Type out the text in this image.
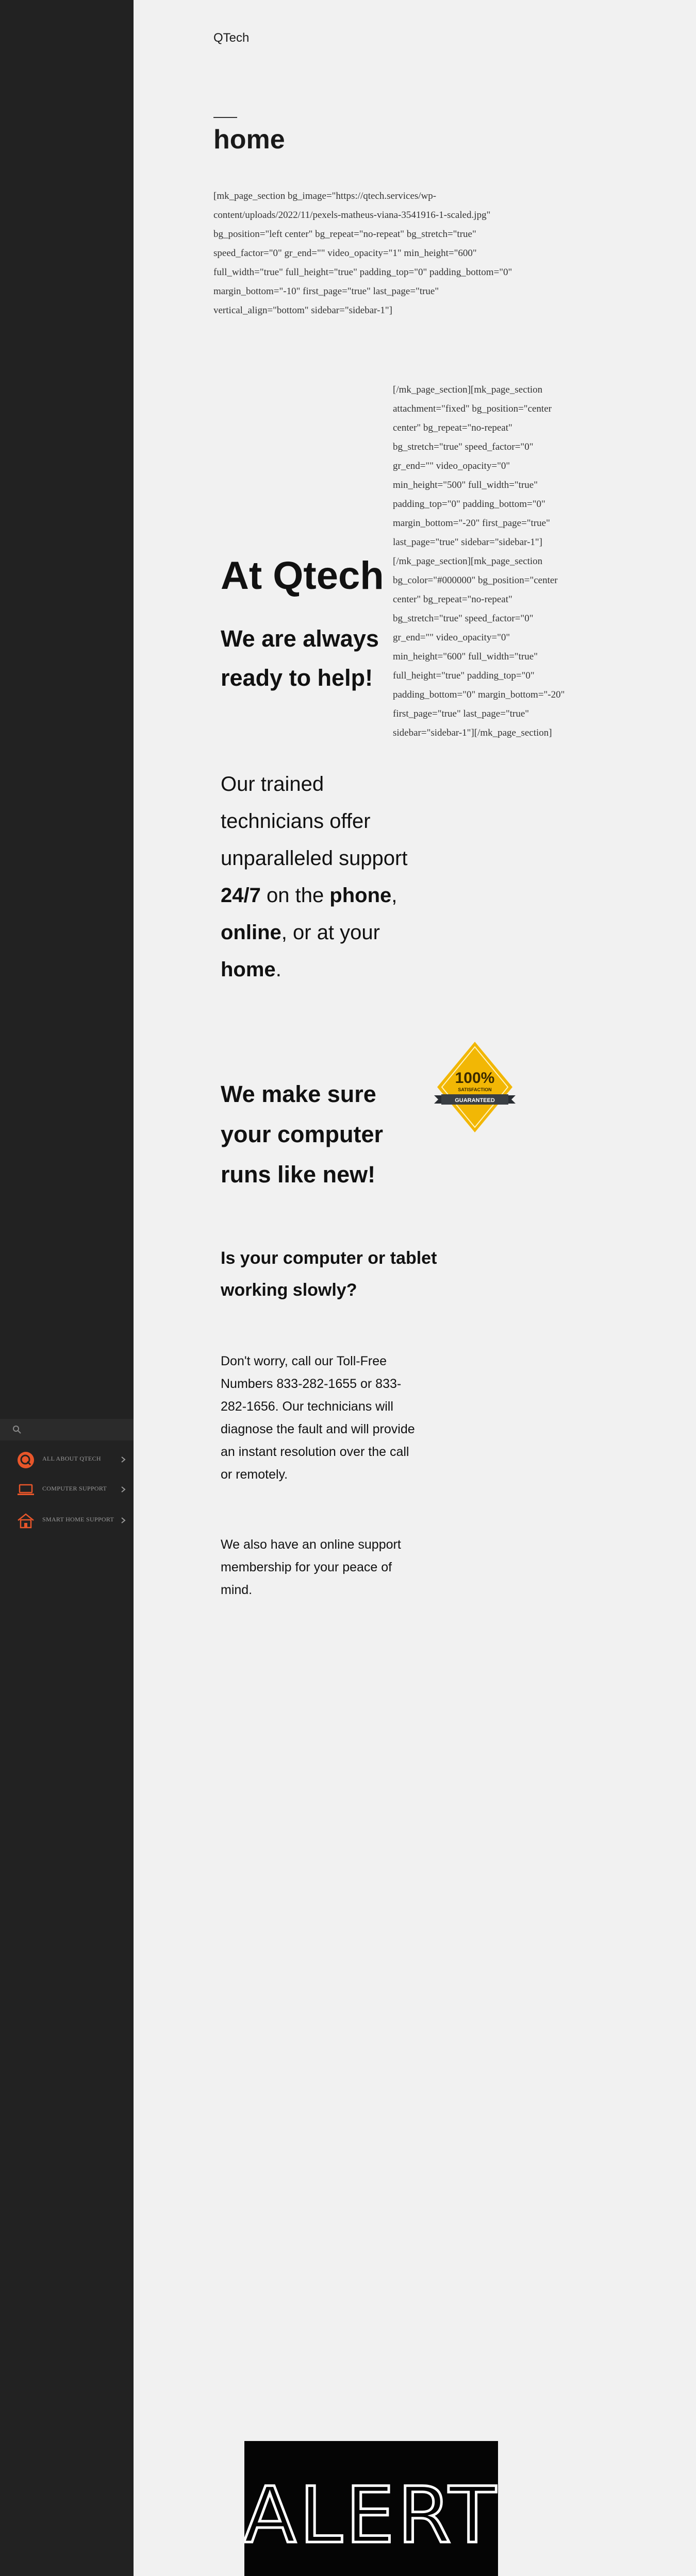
ALL ABOUT QTECH
COMPUTER SUPPORT
SMART HOME SUPPORT
QTech
home
[mk_page_section bg_image="https://qtech.services/wp-content/uploads/2022/11/pexels-matheus-viana-3541916-1-scaled.jpg" bg_position="left center" bg_repeat="no-repeat" bg_stretch="true" speed_factor="0" gr_end="" video_opacity="1" min_height="600" full_width="true" full_height="true" padding_top="0" padding_bottom="0" margin_bottom="-10" first_page="true" last_page="true" vertical_align="bottom" sidebar="sidebar-1"]
[/mk_page_section][mk_page_section attachment="fixed" bg_position="center center" bg_repeat="no-repeat" bg_stretch="true" speed_factor="0" gr_end="" video_opacity="0" min_height="500" full_width="true" padding_top="0" padding_bottom="0" margin_bottom="-20" first_page="true" last_page="true" sidebar="sidebar-1"][/mk_page_section][mk_page_section bg_color="#000000" bg_position="center center" bg_repeat="no-repeat" bg_stretch="true" speed_factor="0" gr_end="" video_opacity="0" min_height="600" full_width="true" full_height="true" padding_top="0" padding_bottom="0" margin_bottom="-20" first_page="true" last_page="true" sidebar="sidebar-1"][/mk_page_section]
At Qtech
We are always ready to help!

Our trained technicians offer unparalleled support 24/7 on the phone, online, or at your home.

100%
SATISFACTION
GUARANTEED
We make sure your computer runs like new!
Is your computer or tablet working slowly?

Don't worry, call our Toll-Free Numbers 833-282-1655 or 833-282-1656. Our technicians will diagnose the fault and will provide an instant resolution over the call or remotely.

We also have an online support membership for your peace of mind.

ALERT
